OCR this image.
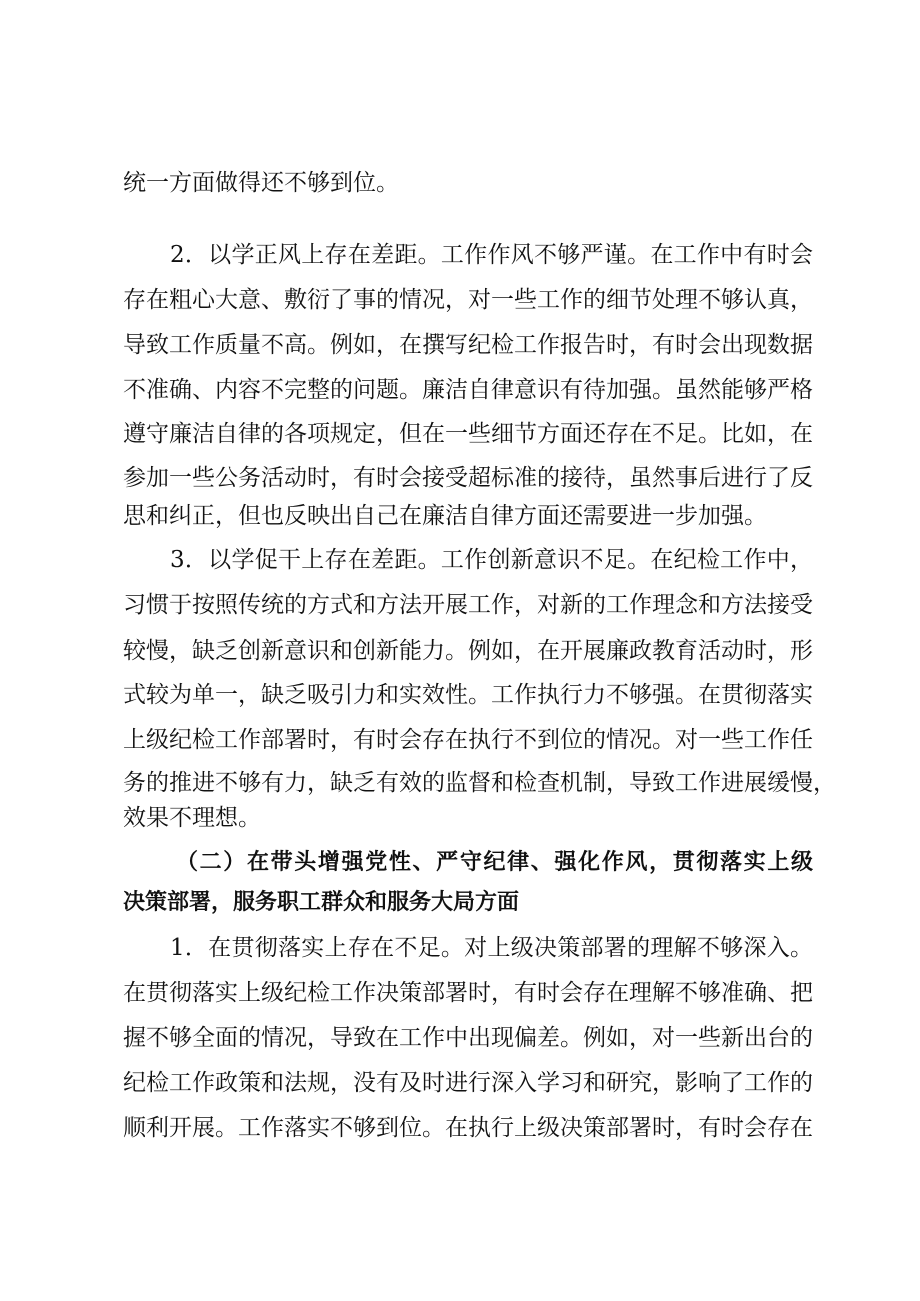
统一方面做得还不够到位。
2．以学正风上存在差距。工作作风不够严谨。在工作中有时会
存在粗心大意、敷衍了事的情况，对一些工作的细节处理不够认真，
导致工作质量不高。例如，在撰写纪检工作报告时，有时会出现数据
不准确、内容不完整的问题。廉洁自律意识有待加强。虽然能够严格
遵守廉洁自律的各项规定，但在一些细节方面还存在不足。比如，在
参加一些公务活动时，有时会接受超标准的接待，虽然事后进行了反
思和纠正，但也反映出自己在廉洁自律方面还需要进一步加强。
3．以学促干上存在差距。工作创新意识不足。在纪检工作中，
习惯于按照传统的方式和方法开展工作，对新的工作理念和方法接受
较慢，缺乏创新意识和创新能力。例如，在开展廉政教育活动时，形
式较为单一，缺乏吸引力和实效性。工作执行力不够强。在贯彻落实
上级纪检工作部署时，有时会存在执行不到位的情况。对一些工作任
务的推进不够有力，缺乏有效的监督和检查机制，导致工作进展缓慢，
效果不理想。
（二）在带头增强党性、严守纪律、强化作风，贯彻落实上级
决策部署，服务职工群众和服务大局方面
1．在贯彻落实上存在不足。对上级决策部署的理解不够深入。
在贯彻落实上级纪检工作决策部署时，有时会存在理解不够准确、把
握不够全面的情况，导致在工作中出现偏差。例如，对一些新出台的
纪检工作政策和法规，没有及时进行深入学习和研究，影响了工作的
顺利开展。工作落实不够到位。在执行上级决策部署时，有时会存在
